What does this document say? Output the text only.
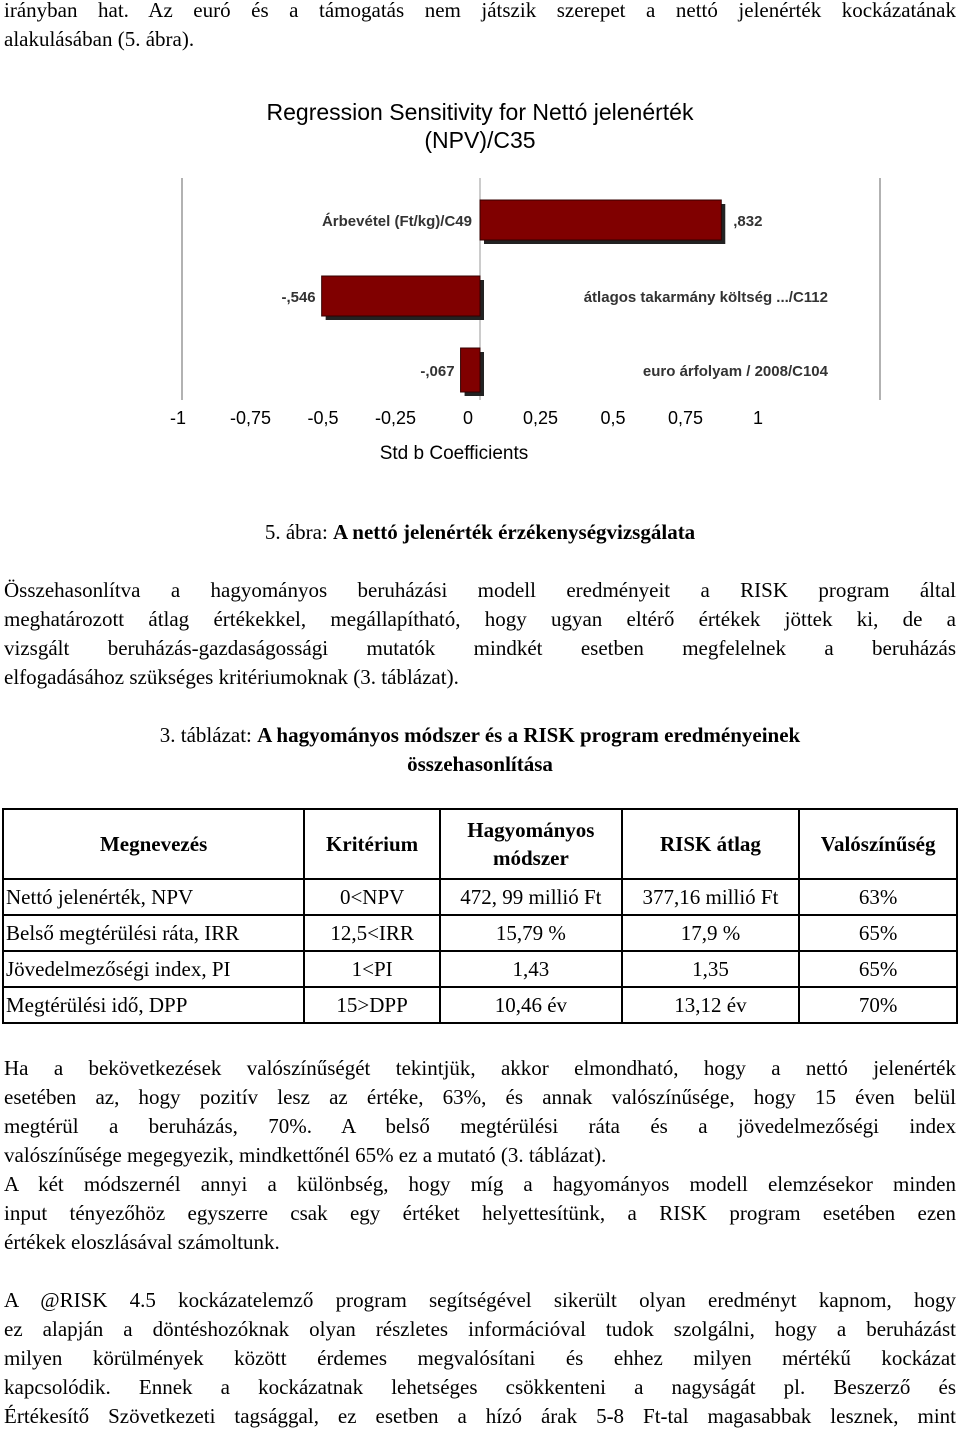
irányban hat. Az euró és a támogatás nem játszik szerepet a nettó jelenérték kockázatának

alakulásában (5. ábra).

Regression Sensitivity for Nettó jelenérték
(NPV)/C35
Árbevétel (Ft/kg)/C49	,832
átlagos takarmány költség .../C112
-,546
euro árfolyam / 2008/C104
-,067
-1 -0,75 -0,5 -0,25	0	0,25 0,5 0,75	1
Std b Coefficients
5. ábra: A nettó jelenérték érzékenységvizsgálata

Összehasonlítva a hagyományos beruházási modell eredményeit a RISK program által

meghatározott átlag értékekkel, megállapítható, hogy ugyan eltérő értékek jöttek ki, de a

vizsgált beruházás-gazdaságossági mutatók mindkét esetben megfelelnek a beruházás

elfogadásához szükséges kritériumoknak (3. táblázat).

3. táblázat: A hagyományos módszer és a RISK program eredményeinek
összehasonlítása
Megnevezés	Kritérium	Hagyományos módszer	RISK átlag	Valószínűség
Nettó jelenérték, NPV	0<NPV	472, 99 millió Ft	377,16 millió Ft	63%
Belső megtérülési ráta, IRR	12,5<IRR	15,79 %	17,9 %	65%
Jövedelmezőségi index, PI	1<PI	1,43	1,35	65%
Megtérülési idő, DPP	15>DPP	10,46 év	13,12 év	70%

Ha a bekövetkezések valószínűségét tekintjük, akkor elmondható, hogy a nettó jelenérték

esetében az, hogy pozitív lesz az értéke, 63%, és annak valószínűsége, hogy 15 éven belül

megtérül a beruházás, 70%. A belső megtérülési ráta és a jövedelmezőségi index

valószínűsége megegyezik, mindkettőnél 65% ez a mutató (3. táblázat).

A két módszernél annyi a különbség, hogy míg a hagyományos modell elemzésekor minden

input tényezőhöz egyszerre csak egy értéket helyettesítünk, a RISK program esetében ezen

értékek eloszlásával számoltunk.

A @RISK 4.5 kockázatelemző program segítségével sikerült olyan eredményt kapnom, hogy

ez alapján a döntéshozóknak olyan részletes információval tudok szolgálni, hogy a beruházást

milyen körülmények között érdemes megvalósítani és ehhez milyen mértékű kockázat

kapcsolódik. Ennek a kockázatnak lehetséges csökkenteni a nagyságát pl. Beszerző és

Értékesítő Szövetkezeti tagsággal, ez esetben a hízó árak 5-8 Ft-tal magasabbak lesznek, mint
